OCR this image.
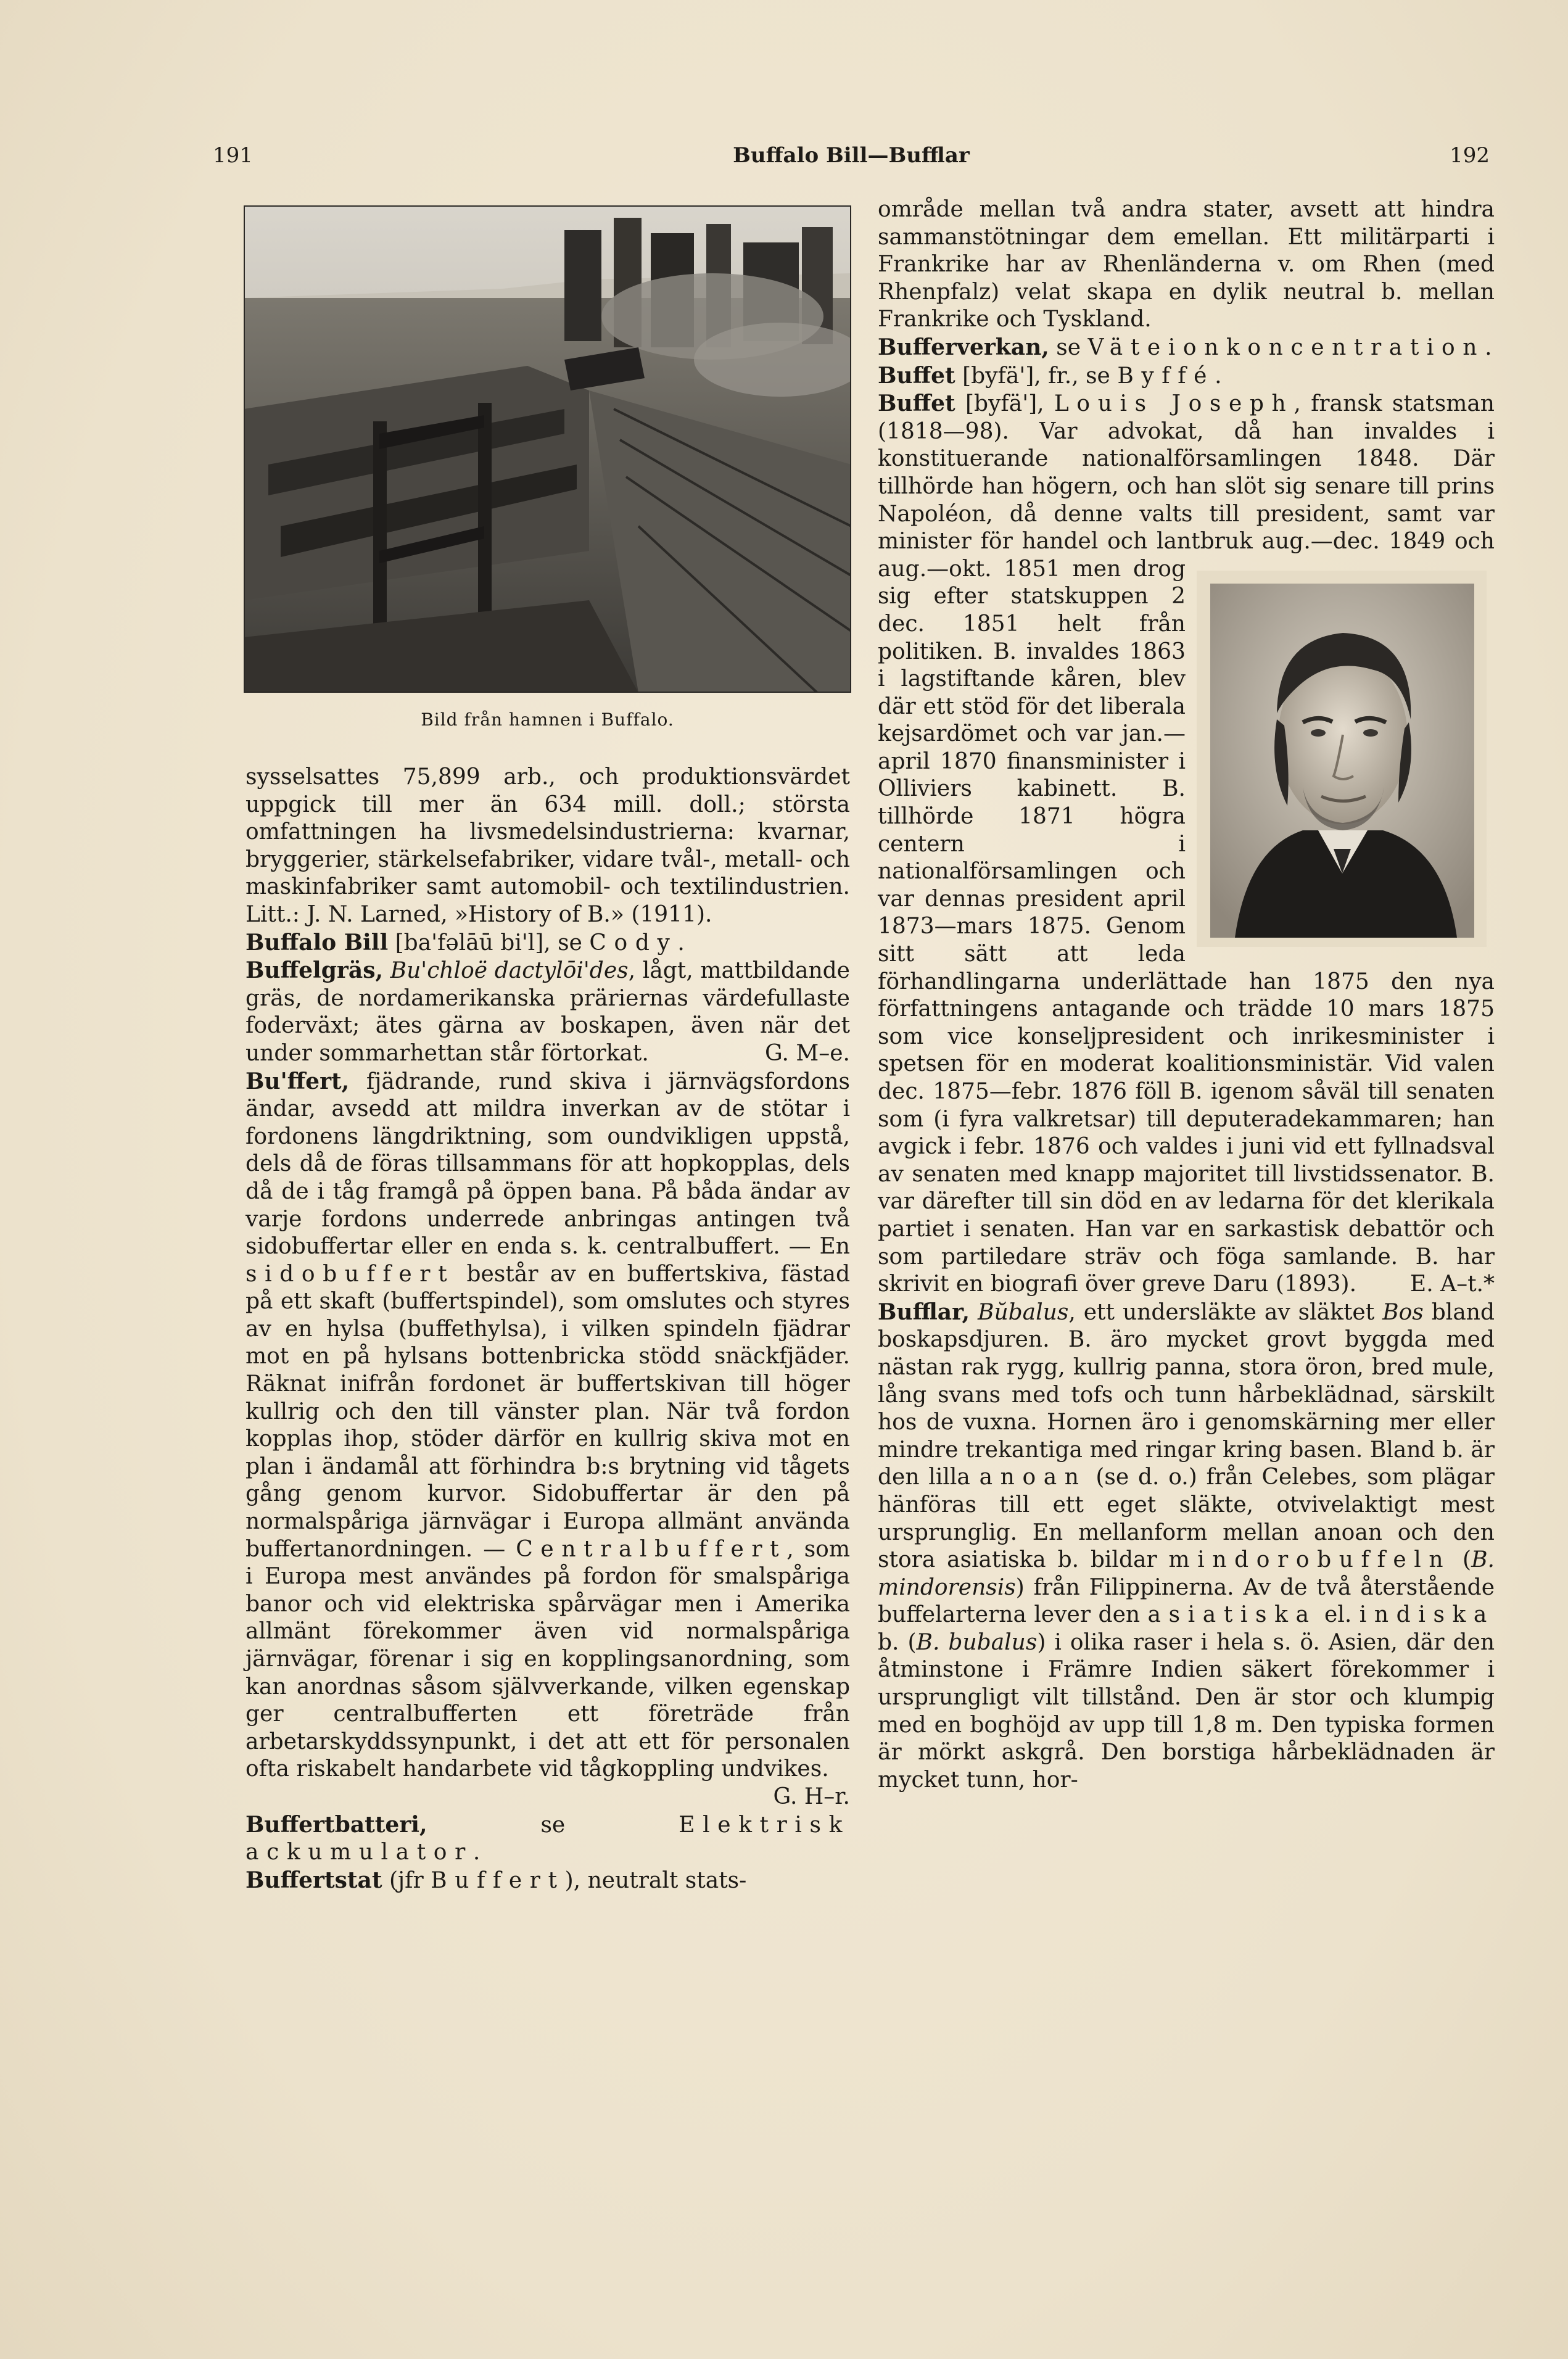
Buffalo Bill—Bufflar
191	192
Bild från hamnen i Buffalo.

sysselsattes 75,899 arb., och produktionsvärdet uppgick till mer än 634 mill. doll.; största omfattningen ha livsmedelsindustrierna: kvarnar, bryggerier, stärkelsefabriker, vidare tvål-, metall- och maskinfabriker samt automobil- och textilindustrien. Litt.: J. N. Larned, »History of B.» (1911).

Buffalo Bill [ba'fəlāū bi'l], se Cody.

Buffelgräs, Bu'chloë dactylōi'des, lågt, mattbildande gräs, de nordamerikanska präriernas värdefullaste foderväxt; ätes gärna av boskapen, även när det under sommarhettan står förtorkat.	G. M–e.

Bu'ffert, fjädrande, rund skiva i järnvägsfordons ändar, avsedd att mildra inverkan av de stötar i fordonens längdriktning, som oundvikligen uppstå, dels då de föras tillsammans för att hopkopplas, dels då de i tåg framgå på öppen bana. På båda ändar av varje fordons underrede anbringas antingen två sidobuffertar eller en enda s. k. centralbuffert. — En sidobuffert består av en buffertskiva, fästad på ett skaft (buffertspindel), som omslutes och styres av en hylsa (buffethylsa), i vilken spindeln fjädrar mot en på hylsans bottenbricka stödd snäckfjäder. Räknat inifrån fordonet är buffertskivan till höger kullrig och den till vänster plan. När två fordon kopplas ihop, stöder därför en kullrig skiva mot en plan i ändamål att förhindra b:s brytning vid tågets gång genom kurvor. Sidobuffertar är den på normalspåriga järnvägar i Europa allmänt använda buffertanordningen. — Centralbuffert, som i Europa mest användes på fordon för smalspåriga banor och vid elektriska spårvägar men i Amerika allmänt förekommer även vid normalspåriga järnvägar, förenar i sig en kopplingsanordning, som kan anordnas såsom självverkande, vilken egenskap ger centralbufferten ett företräde från arbetarskyddssynpunkt, i det att ett för personalen ofta riskabelt handarbete vid tågkoppling undvikes.
G. H–r.

Buffertbatteri, se Elektrisk ackumulator.

Buffertstat (jfr Buffert), neutralt stats-

område mellan två andra stater, avsett att hindra sammanstötningar dem emellan. Ett militärparti i Frankrike har av Rhenländerna v. om Rhen (med Rhenpfalz) velat skapa en dylik neutral b. mellan Frankrike och Tyskland.

Bufferverkan, se Väteionkoncentration.

Buffet [byfä'], fr., se Byffé.

Buffet [byfä'], Louis Joseph, fransk statsman (1818—98). Var advokat, då han invaldes i konstituerande nationalförsamlingen 1848. Där tillhörde han högern, och han slöt sig senare till prins Napoléon, då denne valts till president, samt var minister för handel och lantbruk aug.—dec. 1849 och aug.—okt. 1851 men drog sig efter statskuppen 2 dec. 1851 helt från politiken. B. invaldes 1863 i lagstiftande kåren, blev där ett stöd för det liberala kejsardömet och var jan.—april 1870 finansminister i Olliviers kabinett. B. tillhörde 1871 högra centern i nationalförsamlingen och var dennas president april 1873—mars 1875. Genom sitt sätt att leda förhandlingarna underlättade han 1875 den nya författningens antagande och trädde 10 mars 1875 som vice konseljpresident och inrikesminister i spetsen för en moderat koalitionsministär. Vid valen dec. 1875—febr. 1876 föll B. igenom såväl till senaten som (i fyra valkretsar) till deputeradekammaren; han avgick i febr. 1876 och valdes i juni vid ett fyllnadsval av senaten med knapp majoritet till livstidssenator. B. var därefter till sin död en av ledarna för det klerikala partiet i senaten. Han var en sarkastisk debattör och som partiledare sträv och föga samlande. B. har skrivit en biografi över greve Daru (1893). E. A–t.*

Bufflar, Bŭbalus, ett undersläkte av släktet Bos bland boskapsdjuren. B. äro mycket grovt byggda med nästan rak rygg, kullrig panna, stora öron, bred mule, lång svans med tofs och tunn hårbeklädnad, särskilt hos de vuxna. Hornen äro i genomskärning mer eller mindre trekantiga med ringar kring basen. Bland b. är den lilla anoan (se d. o.) från Celebes, som plägar hänföras till ett eget släkte, otvivelaktigt mest ursprunglig. En mellanform mellan anoan och den stora asiatiska b. bildar mindorobuffeln (B. mindorensis) från Filippinerna. Av de två återstående buffelarterna lever den asiatiska el. indiska b. (B. bubalus) i olika raser i hela s. ö. Asien, där den åtminstone i Främre Indien säkert förekommer i ursprungligt vilt tillstånd. Den är stor och klumpig med en boghöjd av upp till 1,8 m. Den typiska formen är mörkt askgrå. Den borstiga hårbeklädnaden är mycket tunn, hor-
